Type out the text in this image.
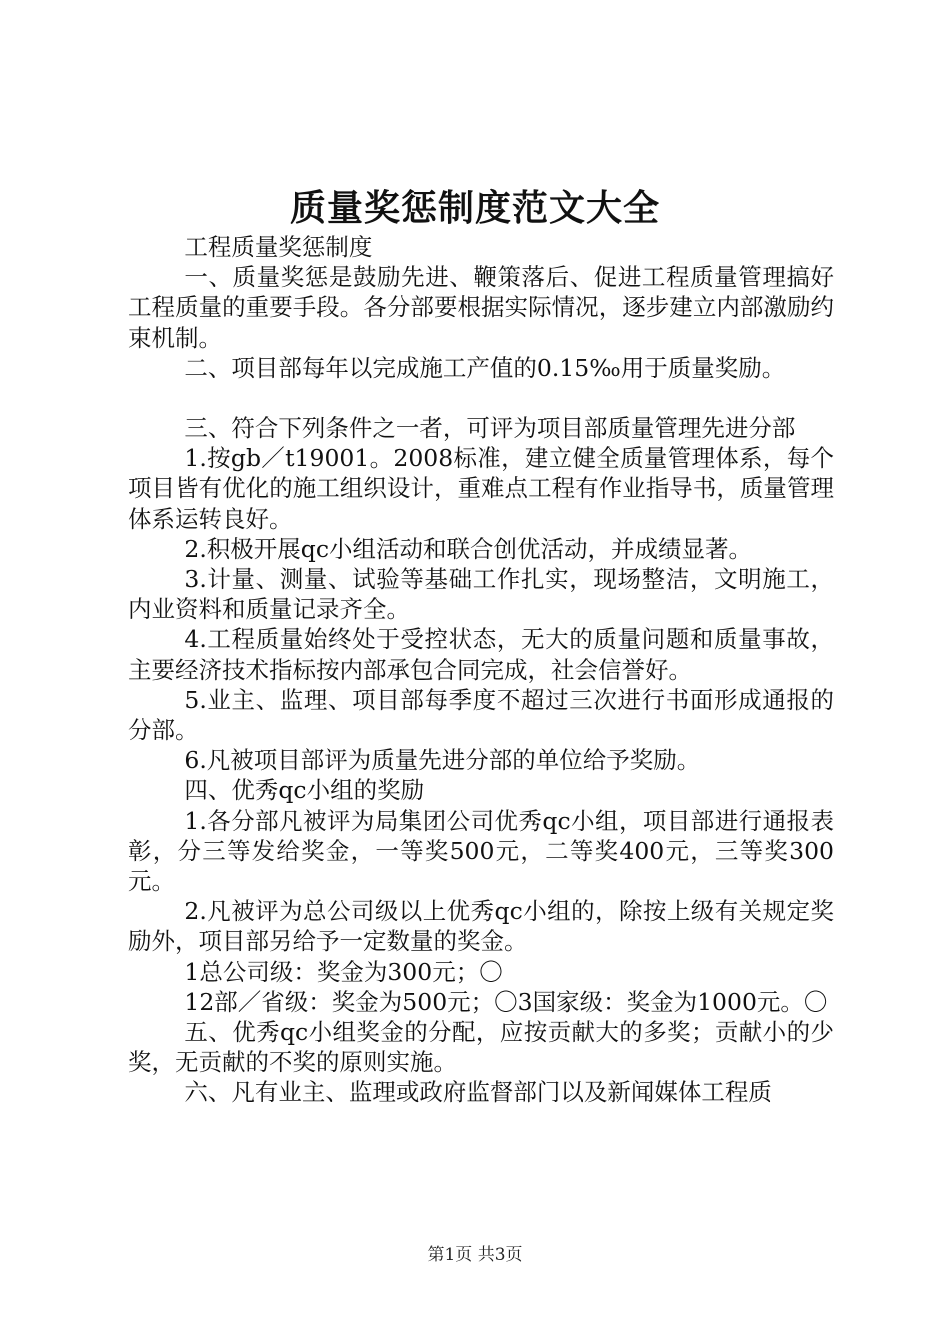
质量奖惩制度范文大全

工程质量奖惩制度

一、质量奖惩是鼓励先进、鞭策落后、促进工程质量管理搞好工程质量的重要手段。各分部要根据实际情况，逐步建立内部激励约束机制。

二、项目部每年以完成施工产值的0.15‰用于质量奖励。

三、符合下列条件之一者，可评为项目部质量管理先进分部

1.按gb／t19001。2008标准，建立健全质量管理体系，每个项目皆有优化的施工组织设计，重难点工程有作业指导书，质量管理体系运转良好。

2.积极开展qc小组活动和联合创优活动，并成绩显著。

3.计量、测量、试验等基础工作扎实，现场整洁，文明施工，内业资料和质量记录齐全。

4.工程质量始终处于受控状态，无大的质量问题和质量事故，主要经济技术指标按内部承包合同完成，社会信誉好。

5.业主、监理、项目部每季度不超过三次进行书面形成通报的分部。

6.凡被项目部评为质量先进分部的单位给予奖励。

四、优秀qc小组的奖励

1.各分部凡被评为局集团公司优秀qc小组，项目部进行通报表彰，分三等发给奖金，一等奖500元，二等奖400元，三等奖300元。

2.凡被评为总公司级以上优秀qc小组的，除按上级有关规定奖励外，项目部另给予一定数量的奖金。

1总公司级：奖金为300元；〇

12部／省级：奖金为500元；〇3国家级：奖金为1000元。〇

五、优秀qc小组奖金的分配，应按贡献大的多奖；贡献小的少奖，无贡献的不奖的原则实施。

六、凡有业主、监理或政府监督部门以及新闻媒体工程质

第1页 共3页
